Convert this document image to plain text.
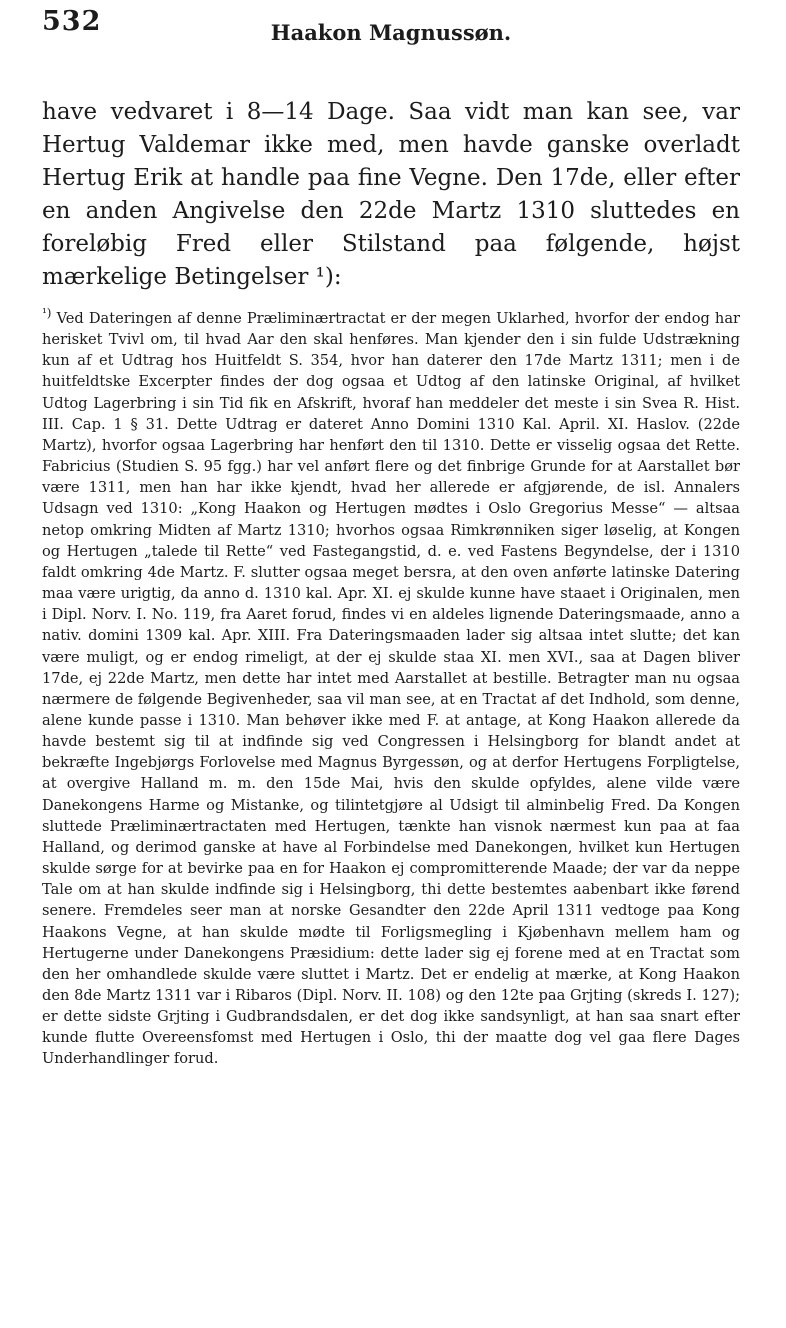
532	Haakon Magnussøn.

have vedvaret i 8—14 Dage. Saa vidt man kan see, var Hertug Valdemar ikke med, men havde ganske overladt Hertug Erik at handle paa fine Vegne. Den 17de, eller efter en anden Angivelse den 22de Martz 1310 sluttedes en foreløbig Fred eller Stilstand paa følgende, højst mærkelige Betingelser ¹):

$^{^1)}$ Ved Dateringen af denne Præliminærtractat er der megen Uklarhed, hvorfor der endog har herisket Tvivl om, til hvad Aar den skal henføres. Man kjender den i sin fulde Udstrækning kun af et Udtrag hos Huitfeldt S. 354, hvor han daterer den 17de Martz 1311; men i de huitfeldtske Excerpter findes der dog ogsaa et Udtog af den latinske Original, af hvilket Udtog Lagerbring i sin Tid fik en Afskrift, hvoraf han meddeler det meste i sin Svea R. Hist. III. Cap. 1 § 31. Dette Udtrag er dateret Anno Domini 1310 Kal. April. XI. Haslov. (22de Martz), hvorfor ogsaa Lagerbring har henført den til 1310. Dette er visselig ogsaa det Rette. Fabricius (Studien S. 95 fgg.) har vel anført flere og det finbrige Grunde for at Aarstallet bør være 1311, men han har ikke kjendt, hvad her allerede er afgjørende, de isl. Annalers Udsagn ved 1310: „Kong Haakon og Hertugen mødtes i Oslo Gregorius Messe“ — altsaa netop omkring Midten af Martz 1310; hvorhos ogsaa Rimkrønniken siger løselig, at Kongen og Hertugen „talede til Rette“ ved Fastegangstid, d. e. ved Fastens Begyndelse, der i 1310 faldt omkring 4de Martz. F. slutter ogsaa meget bersra, at den oven anførte latinske Datering maa være urigtig, da anno d. 1310 kal. Apr. XI. ej skulde kunne have staaet i Originalen, men i Dipl. Norv. I. No. 119, fra Aaret forud, findes vi en aldeles lignende Dateringsmaade, anno a nativ. domini 1309 kal. Apr. XIII. Fra Dateringsmaaden lader sig altsaa intet slutte; det kan være muligt, og er endog rimeligt, at der ej skulde staa XI. men XVI., saa at Dagen bliver 17de, ej 22de Martz, men dette har intet med Aarstallet at bestille. Betragter man nu ogsaa nærmere de følgende Begivenheder, saa vil man see, at en Tractat af det Indhold, som denne, alene kunde passe i 1310. Man behøver ikke med F. at antage, at Kong Haakon allerede da havde bestemt sig til at indfinde sig ved Congressen i Helsingborg for blandt andet at bekræfte Ingebjørgs Forlovelse med Magnus Byrgessøn, og at derfor Hertugens Forpligtelse, at overgive Halland m. m. den 15de Mai, hvis den skulde opfyldes, alene vilde være Danekongens Harme og Mistanke, og tilintetgjøre al Udsigt til alminbelig Fred. Da Kongen sluttede Præliminærtractaten med Hertugen, tænkte han visnok nærmest kun paa at faa Halland, og derimod ganske at have al Forbindelse med Danekongen, hvilket kun Hertugen skulde sørge for at bevirke paa en for Haakon ej compromitterende Maade; der var da neppe Tale om at han skulde indfinde sig i Helsingborg, thi dette bestemtes aabenbart ikke førend senere. Fremdeles seer man at norske Gesandter den 22de April 1311 vedtoge paa Kong Haakons Vegne, at han skulde mødte til Forligsmegling i Kjøbenhavn mellem ham og Hertugerne under Danekongens Præsidium: dette lader sig ej forene med at en Tractat som den her omhandlede skulde være sluttet i Martz. Det er endelig at mærke, at Kong Haakon den 8de Martz 1311 var i Ribaros (Dipl. Norv. II. 108) og den 12te paa Grjting (skreds I. 127); er dette sidste Grjting i Gudbrandsdalen, er det dog ikke sandsynligt, at han saa snart efter kunde flutte Overeensfomst med Hertugen i Oslo, thi der maatte dog vel gaa flere Dages Underhandlinger forud.
